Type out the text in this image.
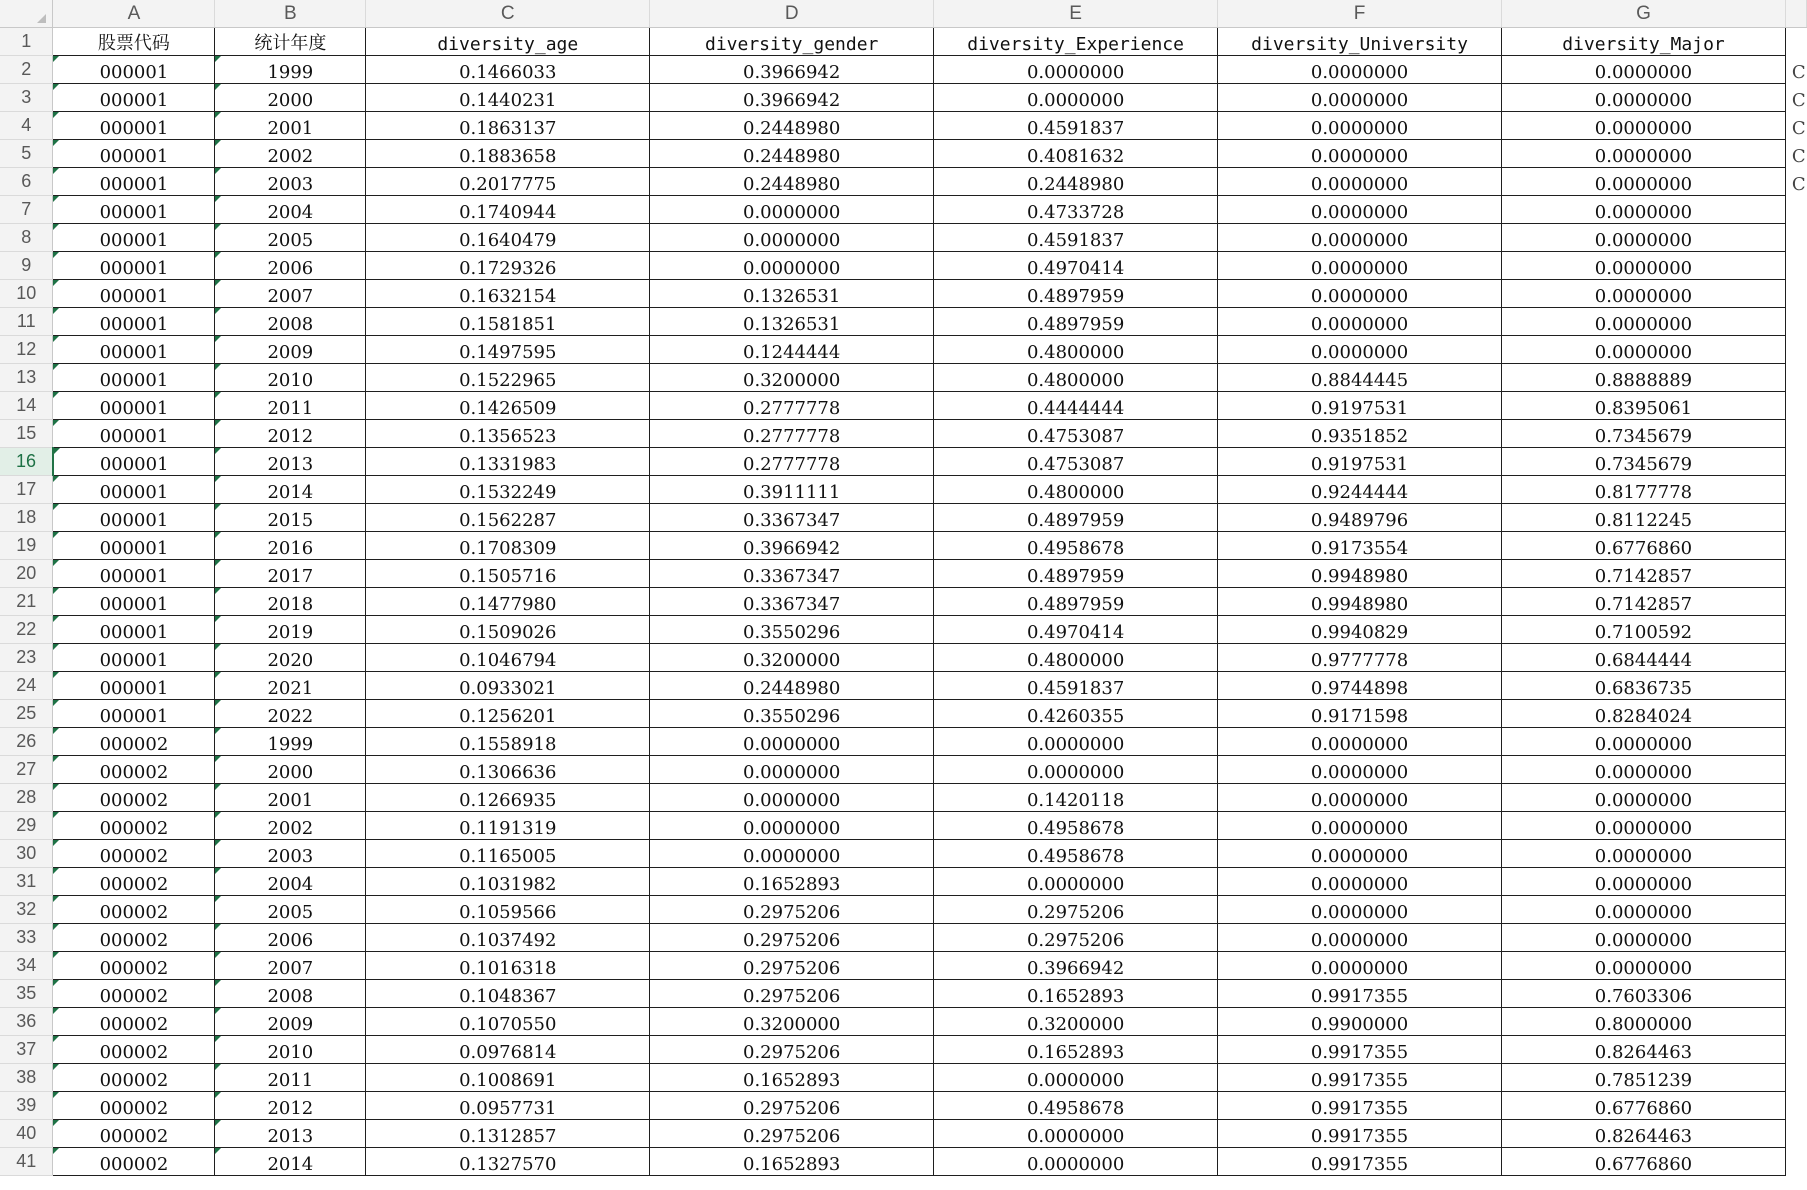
	A	B	C	D	E	F	G	
1	股票代码	统计年度	diversity_age	diversity_gender	diversity_Experience	diversity_University	diversity_Major	
2	000001	1999	0.1466033	0.3966942	0.0000000	0.0000000	0.0000000	C
3	000001	2000	0.1440231	0.3966942	0.0000000	0.0000000	0.0000000	C
4	000001	2001	0.1863137	0.2448980	0.4591837	0.0000000	0.0000000	C
5	000001	2002	0.1883658	0.2448980	0.4081632	0.0000000	0.0000000	C
6	000001	2003	0.2017775	0.2448980	0.2448980	0.0000000	0.0000000	C
7	000001	2004	0.1740944	0.0000000	0.4733728	0.0000000	0.0000000	
8	000001	2005	0.1640479	0.0000000	0.4591837	0.0000000	0.0000000	
9	000001	2006	0.1729326	0.0000000	0.4970414	0.0000000	0.0000000	
10	000001	2007	0.1632154	0.1326531	0.4897959	0.0000000	0.0000000	
11	000001	2008	0.1581851	0.1326531	0.4897959	0.0000000	0.0000000	
12	000001	2009	0.1497595	0.1244444	0.4800000	0.0000000	0.0000000	
13	000001	2010	0.1522965	0.3200000	0.4800000	0.8844445	0.8888889	
14	000001	2011	0.1426509	0.2777778	0.4444444	0.9197531	0.8395061	
15	000001	2012	0.1356523	0.2777778	0.4753087	0.9351852	0.7345679	
16	000001	2013	0.1331983	0.2777778	0.4753087	0.9197531	0.7345679	
17	000001	2014	0.1532249	0.3911111	0.4800000	0.9244444	0.8177778	
18	000001	2015	0.1562287	0.3367347	0.4897959	0.9489796	0.8112245	
19	000001	2016	0.1708309	0.3966942	0.4958678	0.9173554	0.6776860	
20	000001	2017	0.1505716	0.3367347	0.4897959	0.9948980	0.7142857	
21	000001	2018	0.1477980	0.3367347	0.4897959	0.9948980	0.7142857	
22	000001	2019	0.1509026	0.3550296	0.4970414	0.9940829	0.7100592	
23	000001	2020	0.1046794	0.3200000	0.4800000	0.9777778	0.6844444	
24	000001	2021	0.0933021	0.2448980	0.4591837	0.9744898	0.6836735	
25	000001	2022	0.1256201	0.3550296	0.4260355	0.9171598	0.8284024	
26	000002	1999	0.1558918	0.0000000	0.0000000	0.0000000	0.0000000	
27	000002	2000	0.1306636	0.0000000	0.0000000	0.0000000	0.0000000	
28	000002	2001	0.1266935	0.0000000	0.1420118	0.0000000	0.0000000	
29	000002	2002	0.1191319	0.0000000	0.4958678	0.0000000	0.0000000	
30	000002	2003	0.1165005	0.0000000	0.4958678	0.0000000	0.0000000	
31	000002	2004	0.1031982	0.1652893	0.0000000	0.0000000	0.0000000	
32	000002	2005	0.1059566	0.2975206	0.2975206	0.0000000	0.0000000	
33	000002	2006	0.1037492	0.2975206	0.2975206	0.0000000	0.0000000	
34	000002	2007	0.1016318	0.2975206	0.3966942	0.0000000	0.0000000	
35	000002	2008	0.1048367	0.2975206	0.1652893	0.9917355	0.7603306	
36	000002	2009	0.1070550	0.3200000	0.3200000	0.9900000	0.8000000	
37	000002	2010	0.0976814	0.2975206	0.1652893	0.9917355	0.8264463	
38	000002	2011	0.1008691	0.1652893	0.0000000	0.9917355	0.7851239	
39	000002	2012	0.0957731	0.2975206	0.4958678	0.9917355	0.6776860	
40	000002	2013	0.1312857	0.2975206	0.0000000	0.9917355	0.8264463	
41	000002	2014	0.1327570	0.1652893	0.0000000	0.9917355	0.6776860	
